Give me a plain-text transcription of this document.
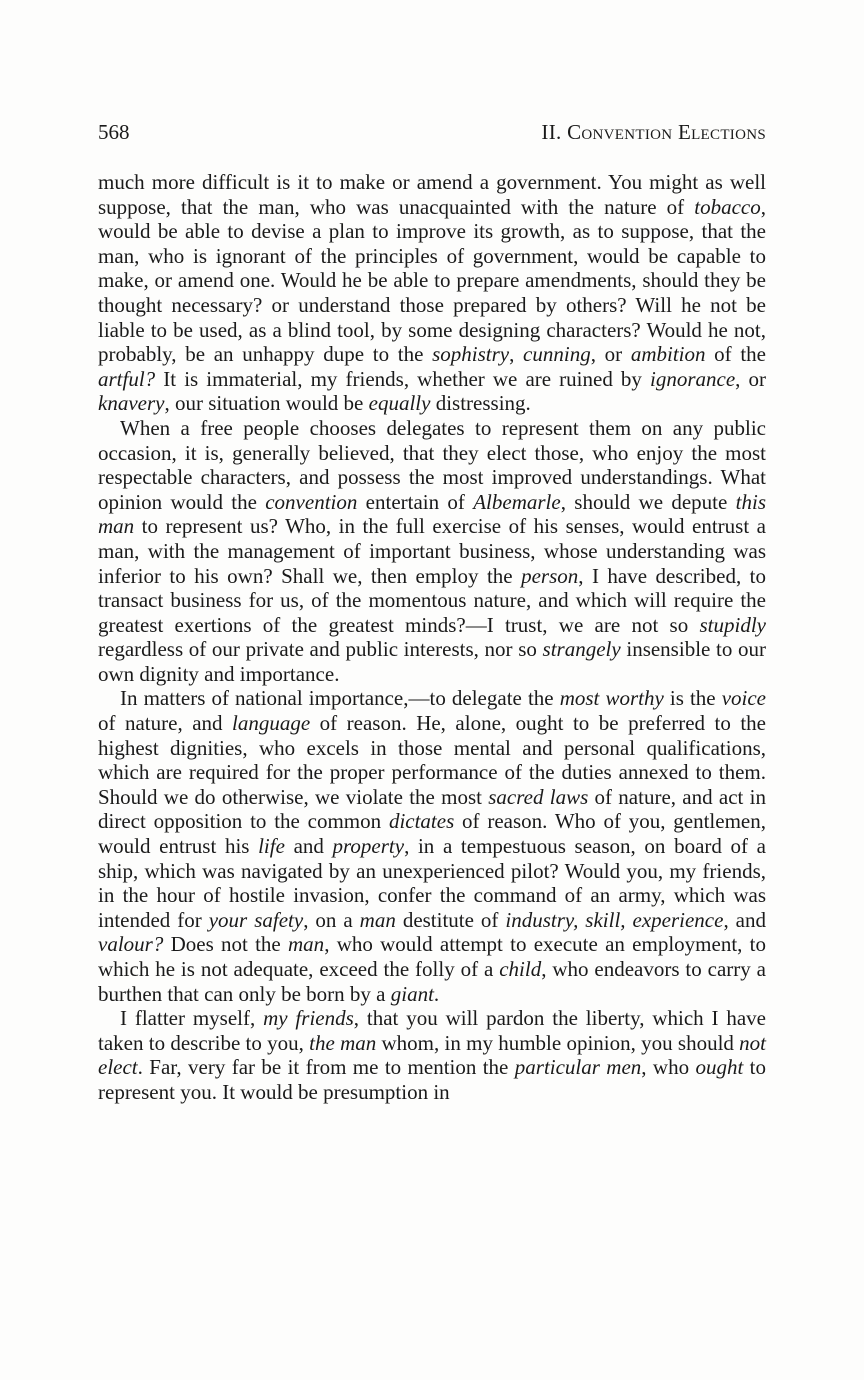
568	II. Convention Elections

much more difficult is it to make or amend a government. You might as well suppose, that the man, who was unacquainted with the nature of tobacco, would be able to devise a plan to improve its growth, as to suppose, that the man, who is ignorant of the principles of government, would be capable to make, or amend one. Would he be able to prepare amendments, should they be thought necessary? or understand those prepared by others? Will he not be liable to be used, as a blind tool, by some designing characters? Would he not, probably, be an unhappy dupe to the sophistry, cunning, or ambition of the artful? It is immaterial, my friends, whether we are ruined by ignorance, or knavery, our situation would be equally distressing.

When a free people chooses delegates to represent them on any public occasion, it is, generally believed, that they elect those, who enjoy the most respectable characters, and possess the most improved understandings. What opinion would the convention entertain of Albemarle, should we depute this man to represent us? Who, in the full exercise of his senses, would entrust a man, with the management of important business, whose understanding was inferior to his own? Shall we, then employ the person, I have described, to transact business for us, of the momentous nature, and which will require the greatest exertions of the greatest minds?—I trust, we are not so stupidly regardless of our private and public interests, nor so strangely insensible to our own dignity and importance.

In matters of national importance,—to delegate the most worthy is the voice of nature, and language of reason. He, alone, ought to be preferred to the highest dignities, who excels in those mental and personal qualifications, which are required for the proper performance of the duties annexed to them. Should we do otherwise, we violate the most sacred laws of nature, and act in direct opposition to the common dictates of reason. Who of you, gentlemen, would entrust his life and property, in a tempestuous season, on board of a ship, which was navigated by an unexperienced pilot? Would you, my friends, in the hour of hostile invasion, confer the command of an army, which was intended for your safety, on a man destitute of industry, skill, experience, and valour? Does not the man, who would attempt to execute an employment, to which he is not adequate, exceed the folly of a child, who endeavors to carry a burthen that can only be born by a giant.

I flatter myself, my friends, that you will pardon the liberty, which I have taken to describe to you, the man whom, in my humble opinion, you should not elect. Far, very far be it from me to mention the particular men, who ought to represent you. It would be presumption in
